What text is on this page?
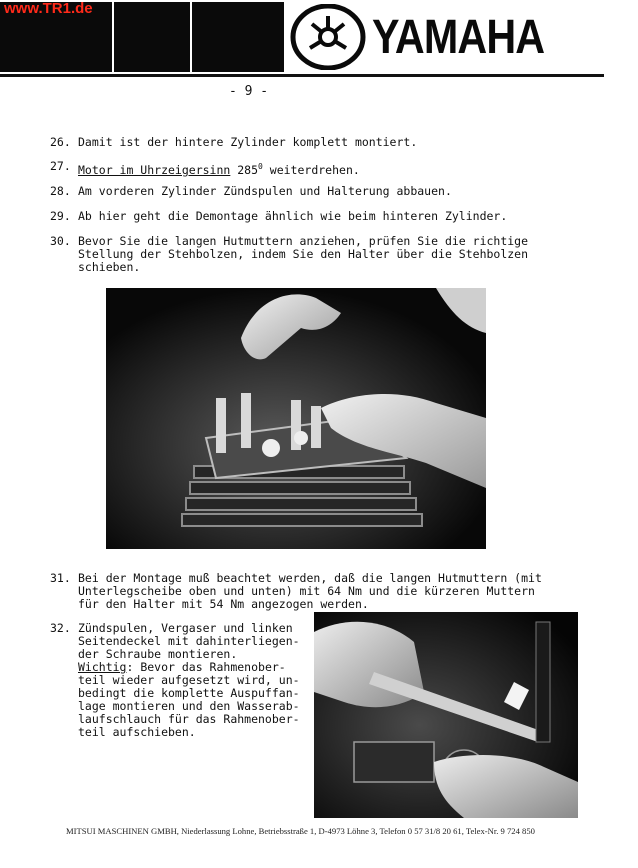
www.TR1.de
YAMAHA
- 9 -

26.

Damit ist der hintere Zylinder komplett montiert.

27.

Motor im Uhrzeigersinn $285^0$ weiterdrehen.

28.

Am vorderen Zylinder Zündspulen und Halterung abbauen.

29.

Ab hier geht die Demontage ähnlich wie beim hinteren Zylinder.

30.

Bevor Sie die langen Hutmuttern anziehen, prüfen Sie die richtige

Stellung der Stehbolzen, indem Sie den Halter über die Stehbolzen
schieben.

31.

Bei der Montage muß beachtet werden, daß die langen Hutmuttern (mit

Unterlegscheibe oben und unten) mit 64 Nm und die kürzeren Muttern
für den Halter mit 54 Nm angezogen werden.

32.

Zündspulen, Vergaser und linken

Seitendeckel mit dahinterliegen-
der Schraube montieren.
Wichtig: Bevor das Rahmenober-
teil wieder aufgesetzt wird, un-
bedingt die komplette Auspuffan-
lage montieren und den Wasserab-
laufschlauch für das Rahmenober-
teil aufschieben.
MITSUI MASCHINEN GMBH, Niederlassung Lohne, Betriebsstraße 1, D-4973 Löhne 3, Telefon 0 57 31/8 20 61, Telex-Nr. 9 724 850
